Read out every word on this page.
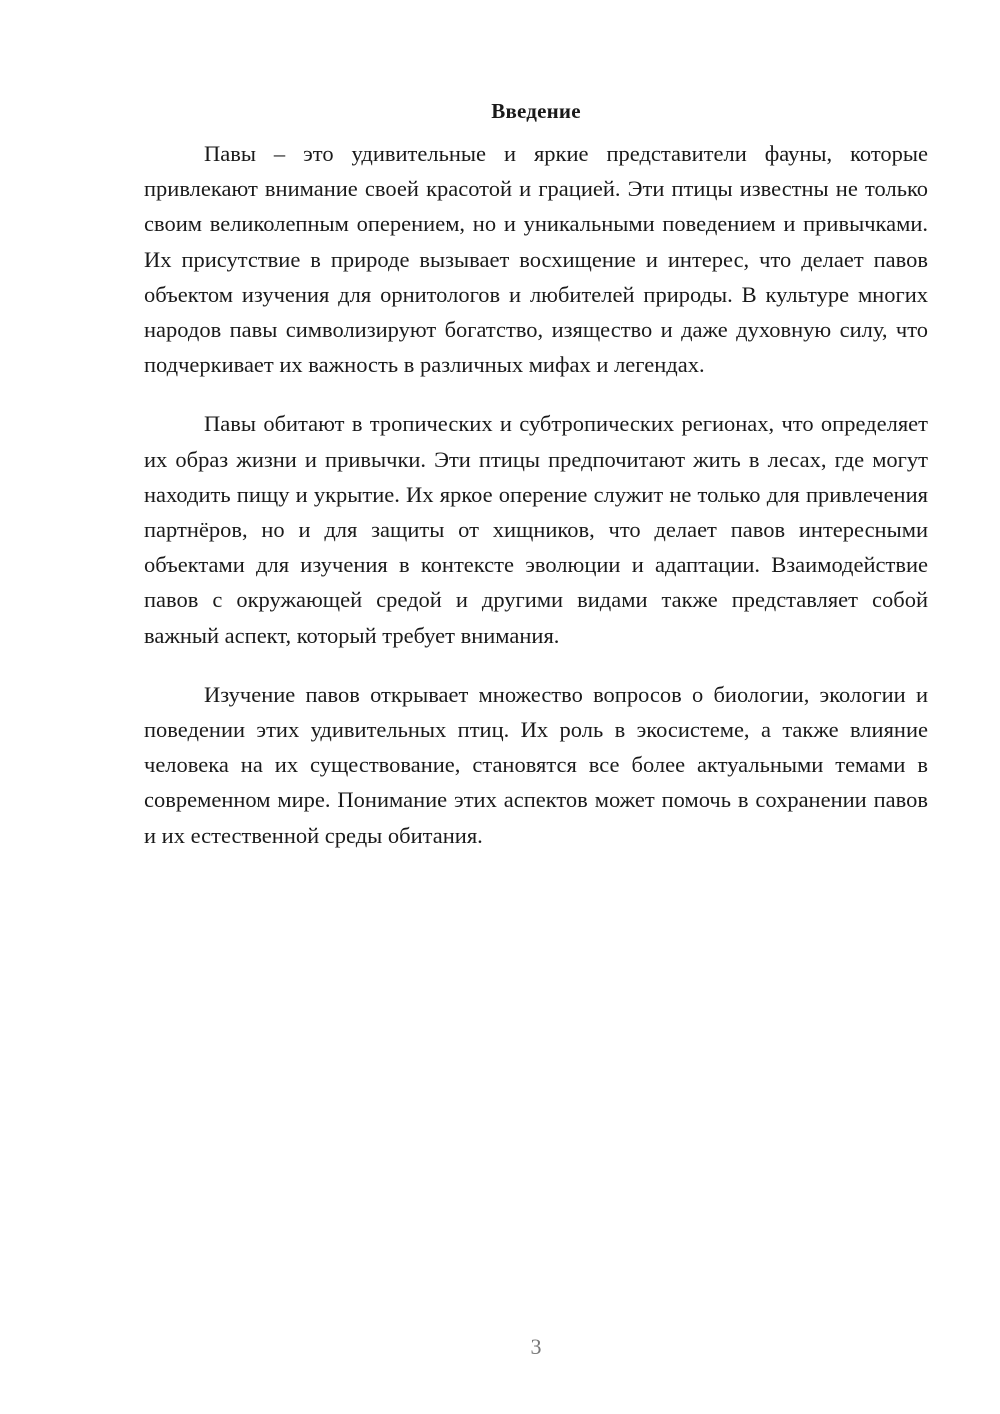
Введение

Павы – это удивительные и яркие представители фауны, которые привлекают внимание своей красотой и грацией. Эти птицы известны не только своим великолепным оперением, но и уникальными поведением и привычками. Их присутствие в природе вызывает восхищение и интерес, что делает павов объектом изучения для орнитологов и любителей природы. В культуре многих народов павы символизируют богатство, изящество и даже духовную силу, что подчеркивает их важность в различных мифах и легендах.

Павы обитают в тропических и субтропических регионах, что определяет их образ жизни и привычки. Эти птицы предпочитают жить в лесах, где могут находить пищу и укрытие. Их яркое оперение служит не только для привлечения партнёров, но и для защиты от хищников, что делает павов интересными объектами для изучения в контексте эволюции и адаптации. Взаимодействие павов с окружающей средой и другими видами также представляет собой важный аспект, который требует внимания.

Изучение павов открывает множество вопросов о биологии, экологии и поведении этих удивительных птиц. Их роль в экосистеме, а также влияние человека на их существование, становятся все более актуальными темами в современном мире. Понимание этих аспектов может помочь в сохранении павов и их естественной среды обитания.

3
